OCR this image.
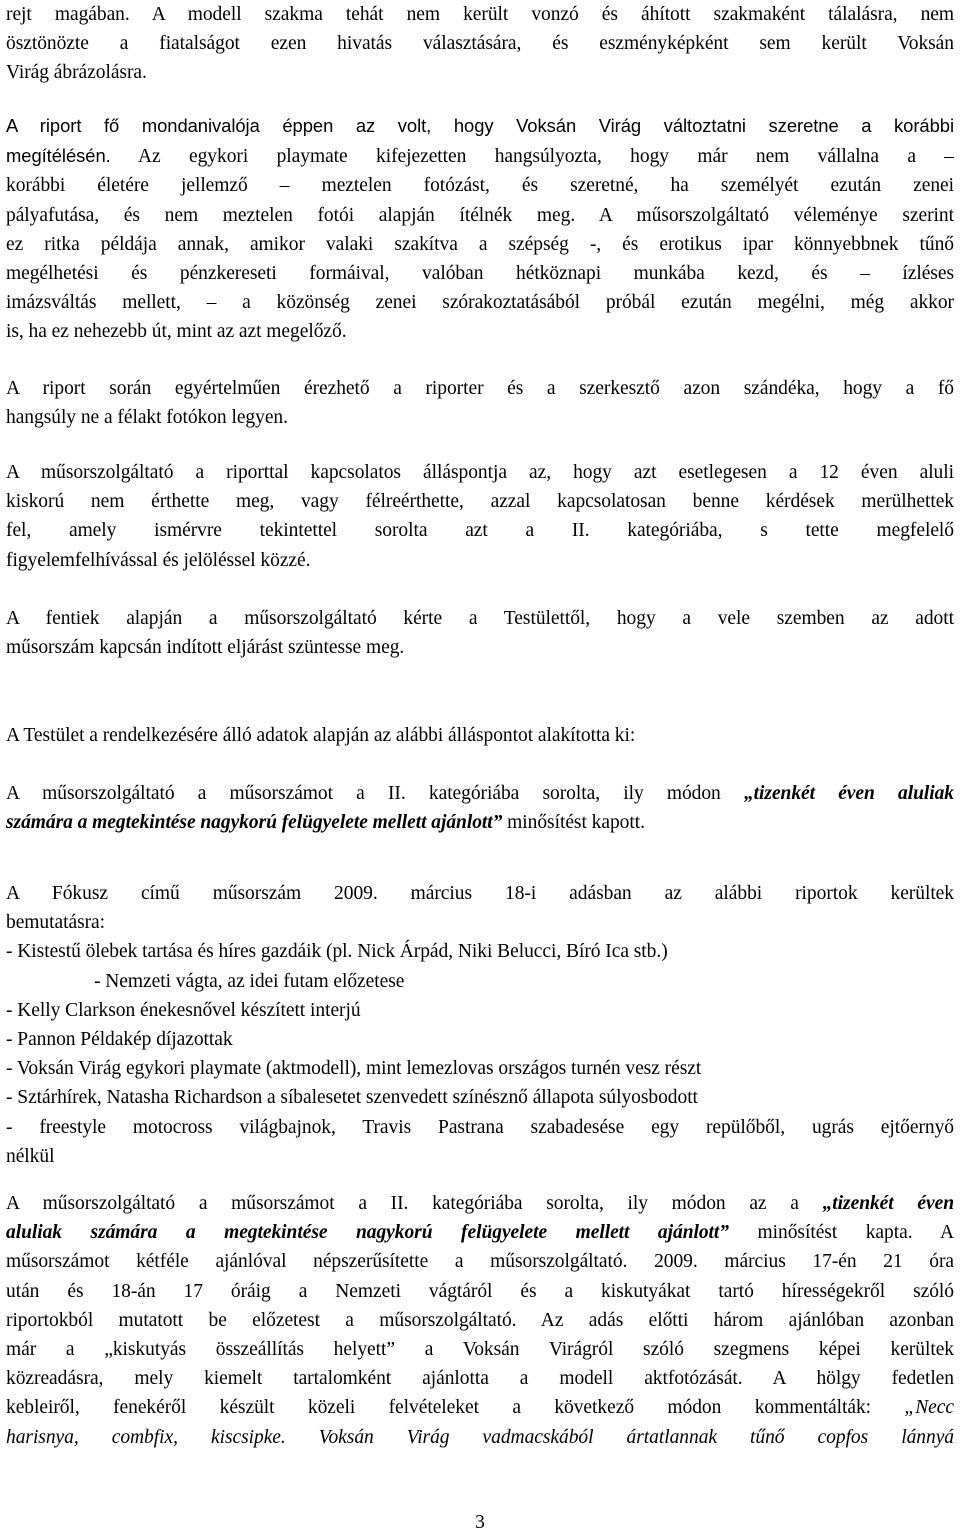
rejt magában. A modell szakma tehát nem került vonzó és áhított szakmaként tálalásra, nem
ösztönözte a fiatalságot ezen hivatás választására, és eszményképként sem került Voksán
Virág ábrázolásra.

A riport fő mondanivalója éppen az volt, hogy Voksán Virág változtatni szeretne a korábbi
megítélésén. Az egykori playmate kifejezetten hangsúlyozta, hogy már nem vállalna a –
korábbi életére jellemző – meztelen fotózást, és szeretné, ha személyét ezután zenei
pályafutása, és nem meztelen fotói alapján ítélnék meg. A műsorszolgáltató véleménye szerint
ez ritka példája annak, amikor valaki szakítva a szépség -, és erotikus ipar könnyebbnek tűnő
megélhetési és pénzkereseti formáival, valóban hétköznapi munkába kezd, és – ízléses
imázsváltás mellett, – a közönség zenei szórakoztatásából próbál ezután megélni, még akkor
is, ha ez nehezebb út, mint az azt megelőző.

A riport során egyértelműen érezhető a riporter és a szerkesztő azon szándéka, hogy a fő
hangsúly ne a félakt fotókon legyen.

A műsorszolgáltató a riporttal kapcsolatos álláspontja az, hogy azt esetlegesen a 12 éven aluli
kiskorú nem érthette meg, vagy félreérthette, azzal kapcsolatosan benne kérdések merülhettek
fel, amely ismérvre tekintettel sorolta azt a II. kategóriába, s tette megfelelő
figyelemfelhívással és jelöléssel közzé.

A fentiek alapján a műsorszolgáltató kérte a Testülettől, hogy a vele szemben az adott
műsorszám kapcsán indított eljárást szüntesse meg.

A Testület a rendelkezésére álló adatok alapján az alábbi álláspontot alakította ki:

A műsorszolgáltató a műsorszámot a II. kategóriába sorolta, ily módon „tizenkét éven aluliak
számára a megtekintése nagykorú felügyelete mellett ajánlott” minősítést kapott.

A Fókusz című műsorszám 2009. március 18-i adásban az alábbi riportok kerültek
bemutatásra:
- Kistestű ölebek tartása és híres gazdáik (pl. Nick Árpád, Niki Belucci, Bíró Ica stb.)
- Nemzeti vágta, az idei futam előzetese
- Kelly Clarkson énekesnővel készített interjú
- Pannon Példakép díjazottak
- Voksán Virág egykori playmate (aktmodell), mint lemezlovas országos turnén vesz részt
- Sztárhírek, Natasha Richardson a síbalesetet szenvedett színésznő állapota súlyosbodott
- freestyle motocross világbajnok, Travis Pastrana szabadesése egy repülőből, ugrás ejtőernyő
nélkül

A műsorszolgáltató a műsorszámot a II. kategóriába sorolta, ily módon az a „tizenkét éven
aluliak számára a megtekintése nagykorú felügyelete mellett ajánlott” minősítést kapta. A
műsorszámot kétféle ajánlóval népszerűsítette a műsorszolgáltató. 2009. március 17-én 21 óra
után és 18-án 17 óráig a Nemzeti vágtáról és a kiskutyákat tartó hírességekről szóló
riportokból mutatott be előzetest a műsorszolgáltató. Az adás előtti három ajánlóban azonban
már a „kiskutyás összeállítás helyett” a Voksán Virágról szóló szegmens képei kerültek
közreadásra, mely kiemelt tartalomként ajánlotta a modell aktfotózását. A hölgy fedetlen
kebleiről, fenekéről készült közeli felvételeket a következő módon kommentálták: „Necc
harisnya, combfix, kiscsipke. Voksán Virág vadmacskából ártatlannak tűnő copfos lánnyá

3
